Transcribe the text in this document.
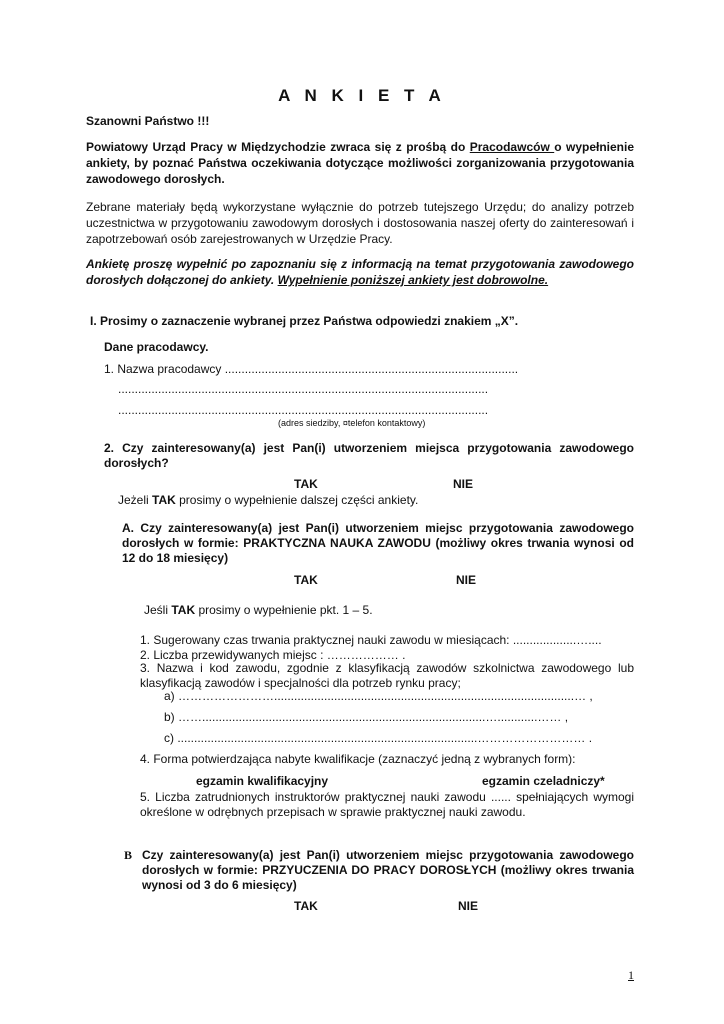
A N K I E T A
Szanowni Państwo !!!
Powiatowy Urząd Pracy w Międzychodzie zwraca się z prośbą do Pracodawców o wypełnienie ankiety, by poznać Państwa oczekiwania dotyczące możliwości zorganizowania przygotowania zawodowego dorosłych.
Zebrane materiały będą wykorzystane wyłącznie do potrzeb tutejszego Urzędu; do analizy potrzeb uczestnictwa w przygotowaniu zawodowym dorosłych i dostosowania naszej oferty do zainteresowań i zapotrzebowań osób zarejestrowanych w Urzędzie Pracy.
Ankietę proszę wypełnić po zapoznaniu się z informacją na temat przygotowania zawodowego dorosłych dołączonej do ankiety. Wypełnienie poniższej ankiety jest dobrowolne.
I. Prosimy o zaznaczenie wybranej przez Państwa odpowiedzi znakiem „X”.
Dane pracodawcy.
1. Nazwa pracodawcy ........................................................................................
...............................................................................................................
...............................................................................................................
(adres siedziby, ¤telefon kontaktowy)
2. Czy zainteresowany(a) jest Pan(i) utworzeniem miejsca przygotowania zawodowego dorosłych?
TAK	NIE
Jeżeli TAK prosimy o wypełnienie dalszej części ankiety.
A. Czy zainteresowany(a) jest Pan(i) utworzeniem miejsc przygotowania zawodowego dorosłych w formie: PRAKTYCZNA NAUKA ZAWODU (możliwy okres trwania wynosi od 12 do 18 miesięcy)
TAK	NIE
Jeśli TAK prosimy o wypełnienie pkt. 1 – 5.
1. Sugerowany czas trwania praktycznej nauki zawodu w miesiącach: ...................…....
2. Liczba przewidywanych miejsc : ……………… .
3. Nazwa i kod zawodu, zgodnie z klasyfikacją zawodów szkolnictwa zawodowego lub klasyfikacją zawodów i specjalności dla potrzeb rynku pracy;
a) ……………………..........................................................................................… ,
b) …….....................................................................................…............…… ,
c) ..........................................................................................……………………… .
4. Forma potwierdzająca nabyte kwalifikacje (zaznaczyć jedną z wybranych form):
egzamin kwalifikacyjny	egzamin czeladniczy*
5. Liczba zatrudnionych instruktorów praktycznej nauki zawodu ...... spełniających wymogi określone w odrębnych przepisach w sprawie praktycznej nauki zawodu.
B Czy zainteresowany(a) jest Pan(i) utworzeniem miejsc przygotowania zawodowego dorosłych w formie: PRZYUCZENIA DO PRACY DOROSŁYCH (możliwy okres trwania wynosi od 3 do 6 miesięcy)
TAK	NIE
1
